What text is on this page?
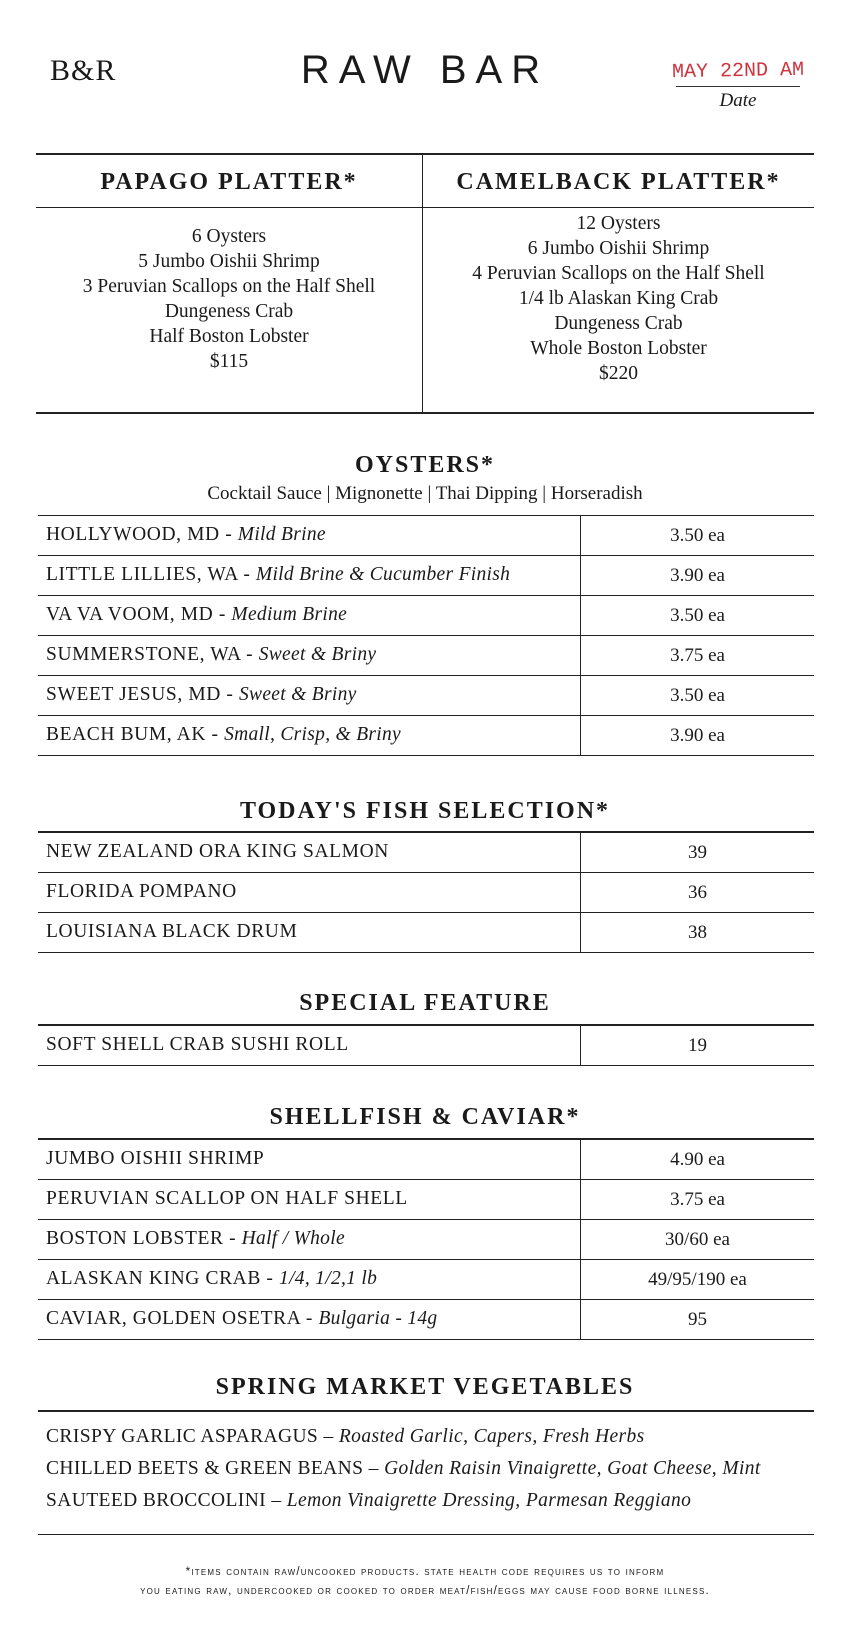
B&R	RAW BAR	MAY 22ND AM
Date
PAPAGO PLATTER*	CAMELBACK PLATTER*
6 Oysters
5 Jumbo Oishii Shrimp
3 Peruvian Scallops on the Half Shell
Dungeness Crab
Half Boston Lobster
$115
12 Oysters
6 Jumbo Oishii Shrimp
4 Peruvian Scallops on the Half Shell
1/4 lb Alaskan King Crab
Dungeness Crab
Whole Boston Lobster
$220
OYSTERS*
Cocktail Sauce | Mignonette | Thai Dipping | Horseradish
HOLLYWOOD, MD - Mild Brine	3.50 ea
LITTLE LILLIES, WA - Mild Brine & Cucumber Finish	3.90 ea
VA VA VOOM, MD - Medium Brine	3.50 ea
SUMMERSTONE, WA - Sweet & Briny	3.75 ea
SWEET JESUS, MD - Sweet & Briny	3.50 ea
BEACH BUM, AK - Small, Crisp, & Briny	3.90 ea
TODAY'S FISH SELECTION*
NEW ZEALAND ORA KING SALMON	39
FLORIDA POMPANO	36
LOUISIANA BLACK DRUM	38
SPECIAL FEATURE
SOFT SHELL CRAB SUSHI ROLL	19
SHELLFISH & CAVIAR*
JUMBO OISHII SHRIMP	4.90 ea
PERUVIAN SCALLOP ON HALF SHELL	3.75 ea
BOSTON LOBSTER - Half / Whole	30/60 ea
ALASKAN KING CRAB - 1/4, 1/2,1 lb	49/95/190 ea
CAVIAR, GOLDEN OSETRA - Bulgaria - 14g	95
SPRING MARKET VEGETABLES
CRISPY GARLIC ASPARAGUS – Roasted Garlic, Capers, Fresh Herbs
CHILLED BEETS & GREEN BEANS – Golden Raisin Vinaigrette, Goat Cheese, Mint
SAUTEED BROCCOLINI – Lemon Vinaigrette Dressing, Parmesan Reggiano
*items contain raw/uncooked products. state health code requires us to inform
you eating raw, undercooked or cooked to order meat/fish/eggs may cause food borne illness.
